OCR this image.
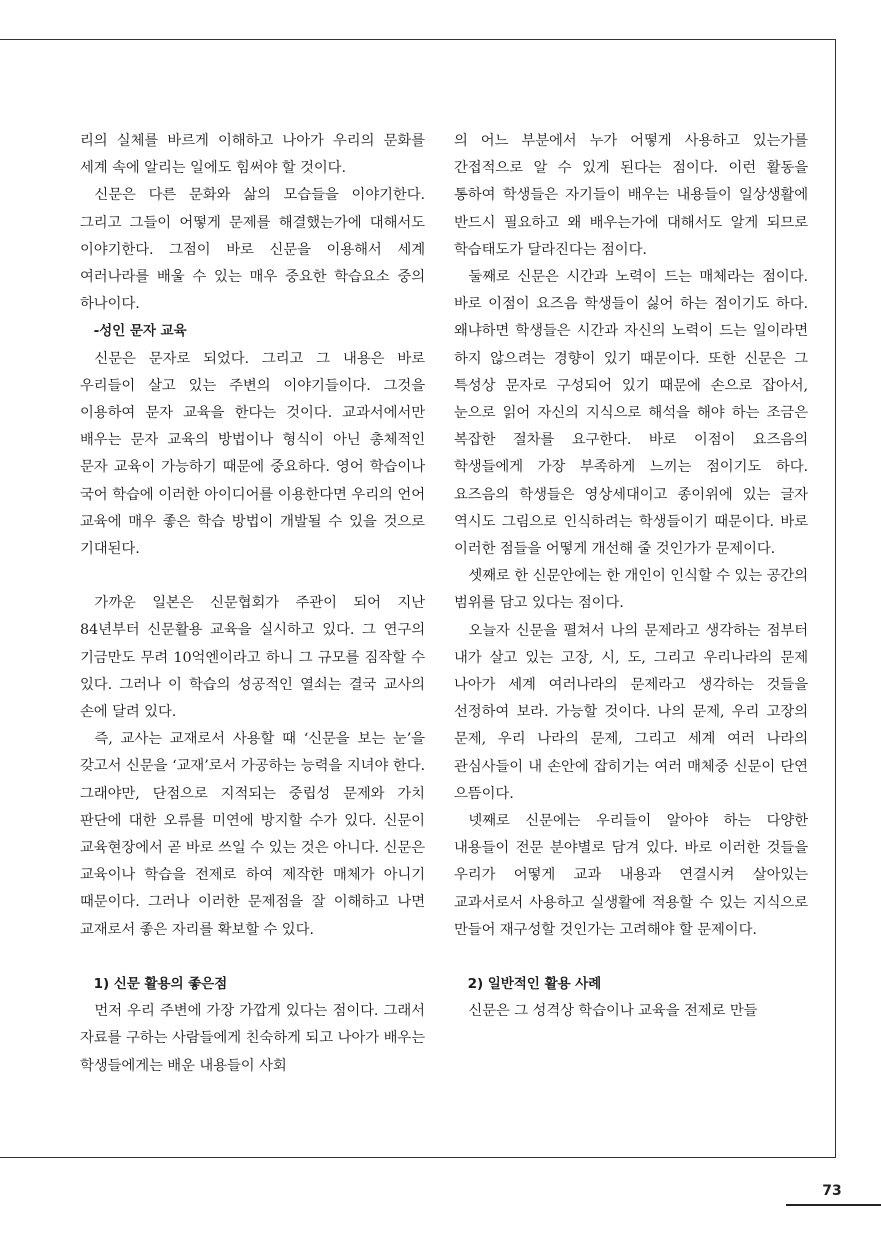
리의 실체를 바르게 이해하고 나아가 우리의 문화를 세계 속에 알리는 일에도 힘써야 할 것이다.

신문은 다른 문화와 삶의 모습들을 이야기한다. 그리고 그들이 어떻게 문제를 해결했는가에 대해서도 이야기한다. 그점이 바로 신문을 이용해서 세계 여러나라를 배울 수 있는 매우 중요한 학습요소 중의 하나이다.

-성인 문자 교육

신문은 문자로 되었다. 그리고 그 내용은 바로 우리들이 살고 있는 주변의 이야기들이다. 그것을 이용하여 문자 교육을 한다는 것이다. 교과서에서만 배우는 문자 교육의 방법이나 형식이 아닌 총체적인 문자 교육이 가능하기 때문에 중요하다. 영어 학습이나 국어 학습에 이러한 아이디어를 이용한다면 우리의 언어 교육에 매우 좋은 학습 방법이 개발될 수 있을 것으로 기대된다.

가까운 일본은 신문협회가 주관이 되어 지난 84년부터 신문활용 교육을 실시하고 있다. 그 연구의 기금만도 무려 10억엔이라고 하니 그 규모를 짐작할 수 있다. 그러나 이 학습의 성공적인 열쇠는 결국 교사의 손에 달려 있다.

즉, 교사는 교재로서 사용할 때 ‘신문을 보는 눈’을 갖고서 신문을 ‘교재’로서 가공하는 능력을 지녀야 한다. 그래야만, 단점으로 지적되는 중립성 문제와 가치 판단에 대한 오류를 미연에 방지할 수가 있다. 신문이 교육현장에서 곧 바로 쓰일 수 있는 것은 아니다. 신문은 교육이나 학습을 전제로 하여 제작한 매체가 아니기 때문이다. 그러나 이러한 문제점을 잘 이해하고 나면 교재로서 좋은 자리를 확보할 수 있다.

1) 신문 활용의 좋은점

먼저 우리 주변에 가장 가깝게 있다는 점이다. 그래서 자료를 구하는 사람들에게 친숙하게 되고 나아가 배우는 학생들에게는 배운 내용들이 사회

의 어느 부분에서 누가 어떻게 사용하고 있는가를 간접적으로 알 수 있게 된다는 점이다. 이런 활동을 통하여 학생들은 자기들이 배우는 내용들이 일상생활에 반드시 필요하고 왜 배우는가에 대해서도 알게 되므로 학습태도가 달라진다는 점이다.

둘째로 신문은 시간과 노력이 드는 매체라는 점이다. 바로 이점이 요즈음 학생들이 싫어 하는 점이기도 하다. 왜냐하면 학생들은 시간과 자신의 노력이 드는 일이라면 하지 않으려는 경향이 있기 때문이다. 또한 신문은 그 특성상 문자로 구성되어 있기 때문에 손으로 잡아서, 눈으로 읽어 자신의 지식으로 해석을 해야 하는 조금은 복잡한 절차를 요구한다. 바로 이점이 요즈음의 학생들에게 가장 부족하게 느끼는 점이기도 하다. 요즈음의 학생들은 영상세대이고 종이위에 있는 글자 역시도 그림으로 인식하려는 학생들이기 때문이다. 바로 이러한 점들을 어떻게 개선해 줄 것인가가 문제이다.

셋째로 한 신문안에는 한 개인이 인식할 수 있는 공간의 범위를 담고 있다는 점이다.

오늘자 신문을 펼쳐서 나의 문제라고 생각하는 점부터 내가 살고 있는 고장, 시, 도, 그리고 우리나라의 문제 나아가 세계 여러나라의 문제라고 생각하는 것들을 선정하여 보라. 가능할 것이다. 나의 문제, 우리 고장의 문제, 우리 나라의 문제, 그리고 세계 여러 나라의 관심사들이 내 손안에 잡히기는 여러 매체중 신문이 단연 으뜸이다.

넷째로 신문에는 우리들이 알아야 하는 다양한 내용들이 전문 분야별로 담겨 있다. 바로 이러한 것들을 우리가 어떻게 교과 내용과 연결시켜 살아있는 교과서로서 사용하고 실생활에 적용할 수 있는 지식으로 만들어 재구성할 것인가는 고려해야 할 문제이다.

2) 일반적인 활용 사례

신문은 그 성격상 학습이나 교육을 전제로 만들

73
